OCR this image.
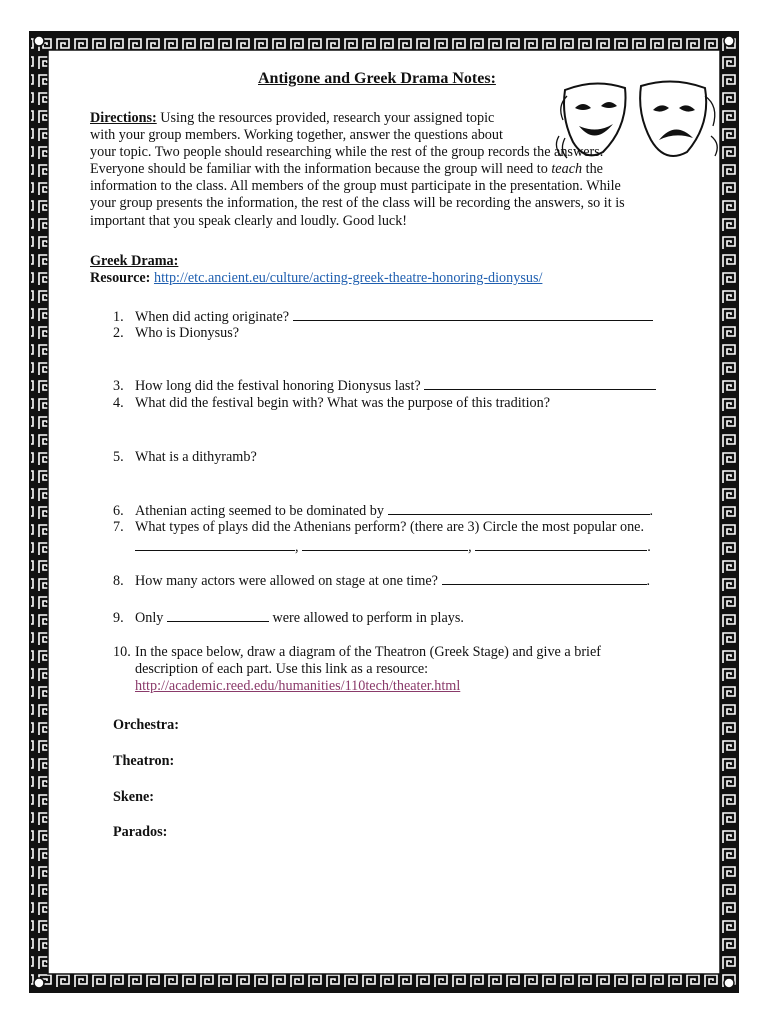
Antigone and Greek Drama Notes:
Directions: Using the resources provided, research your assigned topic
with your group members. Working together, answer the questions about
your topic. Two people should researching while the rest of the group records the answers.
Everyone should be familiar with the information because the group will need to teach the
information to the class. All members of the group must participate in the presentation. While
your group presents the information, the rest of the class will be recording the answers, so it is
important that you speak clearly and loudly. Good luck!
Greek Drama:
Resource: http://etc.ancient.eu/culture/acting-greek-theatre-honoring-dionysus/
1. When did acting originate?
2. Who is Dionysus?
3. How long did the festival honoring Dionysus last?
4. What did the festival begin with? What was the purpose of this tradition?
5. What is a dithyramb?
6. Athenian acting seemed to be dominated by	.
7. What types of plays did the Athenians perform? (there are 3) Circle the most popular one.
,	,	.
8. How many actors were allowed on stage at one time?	.
9. Only	were allowed to perform in plays.
10. In the space below, draw a diagram of the Theatron (Greek Stage) and give a brief
description of each part. Use this link as a resource:
http://academic.reed.edu/humanities/110tech/theater.html
Orchestra:
Theatron:
Skene:
Parados:
